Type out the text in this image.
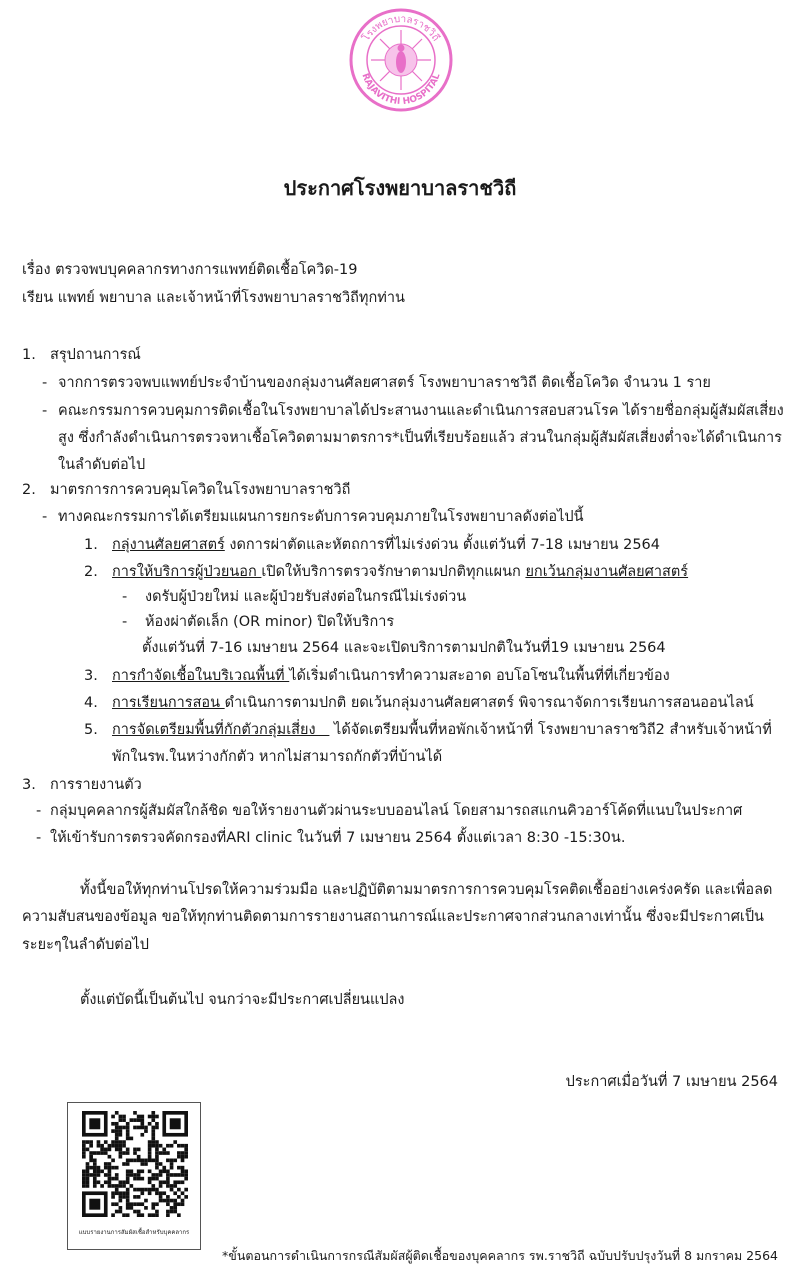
โรงพยาบาลราชวิถี
RAJAVITHI HOSPITAL
ประกาศโรงพยาบาลราชวิถี
เรื่อง ตรวจพบบุคคลากรทางการแพทย์ติดเชื้อโควิด-19
เรียน แพทย์ พยาบาล และเจ้าหน้าที่โรงพยาบาลราชวิถีทุกท่าน
1. สรุปถานการณ์
- จากการตรวจพบแพทย์ประจำบ้านของกลุ่มงานศัลยศาสตร์ โรงพยาบาลราชวิถี ติดเชื้อโควิด จำนวน 1 ราย
- คณะกรรมการควบคุมการติดเชื้อในโรงพยาบาลได้ประสานงานและดำเนินการสอบสวนโรค ได้รายชื่อกลุ่มผู้สัมผัสเสี่ยง
สูง ซึ่งกำลังดำเนินการตรวจหาเชื้อโควิดตามมาตรการ*เป็นที่เรียบร้อยแล้ว ส่วนในกลุ่มผู้สัมผัสเสี่ยงต่ำจะได้ดำเนินการ
ในลำดับต่อไป
2. มาตรการการควบคุมโควิดในโรงพยาบาลราชวิถี
- ทางคณะกรรมการได้เตรียมแผนการยกระดับการควบคุมภายในโรงพยาบาลดังต่อไปนี้
1. กลุ่งานศัลยศาสตร์ งดการผ่าตัดและหัตถการที่ไม่เร่งด่วน ตั้งแต่วันที่ 7-18 เมษายน 2564
2. การให้บริการผู้ป่วยนอก เปิดให้บริการตรวจรักษาตามปกติทุกแผนก ยกเว้นกลุ่มงานศัลยศาสตร์
- งดรับผู้ป่วยใหม่ และผู้ป่วยรับส่งต่อในกรณีไม่เร่งด่วน
- ห้องผ่าตัดเล็ก (OR minor) ปิดให้บริการ
ตั้งแต่วันที่ 7-16 เมษายน 2564 และจะเปิดบริการตามปกติในวันที่19 เมษายน 2564
3. การกำจัดเชื้อในบริเวณพื้นที่ ได้เริ่มดำเนินการทำความสะอาด อบโอโซนในพื้นที่ที่เกี่ยวข้อง
4. การเรียนการสอน ดำเนินการตามปกติ ยดเว้นกลุ่มงานศัลยศาสตร์ พิจารณาจัดการเรียนการสอนออนไลน์
5. การจัดเตรียมพื้นที่กักตัวกลุ่มเสี่ยง    ได้จัดเตรียมพื้นที่หอพักเจ้าหน้าที่ โรงพยาบาลราชวิถี2 สำหรับเจ้าหน้าที่
พักในรพ.ในหว่างกักตัว หากไม่สามารถกักตัวที่บ้านได้
3. การรายงานตัว
- กลุ่มบุคคลากรผู้สัมผัสใกล้ชิด ขอให้รายงานตัวผ่านระบบออนไลน์ โดยสามารถสแกนคิวอาร์โค้ดที่แนบในประกาศ
- ให้เข้ารับการตรวจคัดกรองที่ARI clinic ในวันที่ 7 เมษายน 2564 ตั้งแต่เวลา 8:30 -15:30น.
ทั้งนี้ขอให้ทุกท่านโปรดให้ความร่วมมือ และปฏิบัติตามมาตรการการควบคุมโรคติดเชื้ออย่างเคร่งครัด และเพื่อลด
ความสับสนของข้อมูล ขอให้ทุกท่านติดตามการรายงานสถานการณ์และประกาศจากส่วนกลางเท่านั้น ซึ่งจะมีประกาศเป็น
ระยะๆในลำดับต่อไป
ตั้งแต่บัดนี้เป็นต้นไป จนกว่าจะมีประกาศเปลี่ยนแปลง
ประกาศเมื่อวันที่ 7 เมษายน 2564
แบบรายงานการสัมผัสเชื้อสำหรับบุคคลากร
*ขั้นตอนการดำเนินการกรณีสัมผัสผู้ติดเชื้อของบุคคลากร รพ.ราชวิถี ฉบับปรับปรุงวันที่ 8 มกราคม 2564
